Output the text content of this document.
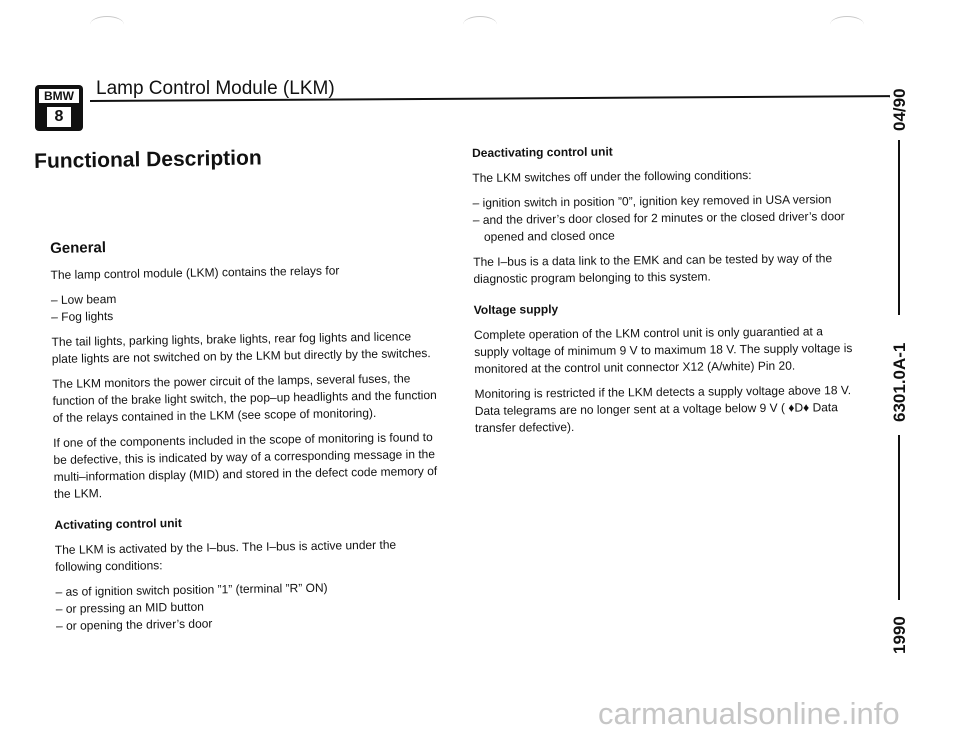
BMW
8
Lamp Control Module (LKM)
Functional Description
General

The lamp control module (LKM) contains the relays for

– Low beam
– Fog lights

The tail lights, parking lights, brake lights, rear fog lights and licence plate lights are not switched on by the LKM but directly by the switches.

The LKM monitors the power circuit of the lamps, several fuses, the function of the brake light switch, the pop–up headlights and the function of the relays contained in the LKM (see scope of monitoring).

If one of the components included in the scope of monitoring is found to be defective, this is indicated by way of a corresponding message in the multi–information display (MID) and stored in the defect code memory of the LKM.

Activating control unit

The LKM is activated by the I–bus. The I–bus is active under the following conditions:

– as of ignition switch position ”1” (terminal ”R” ON)
– or pressing an MID button
– or opening the driver’s door
Deactivating control unit

The LKM switches off under the following conditions:

– ignition switch in position ”0”, ignition key removed in USA version
– and the driver’s door closed for 2 minutes or the closed driver’s door opened and closed once

The I–bus is a data link to the EMK and can be tested by way of the diagnostic program belonging to this system.

Voltage supply

Complete operation of the LKM control unit is only guarantied at a supply voltage of minimum 9 V to maximum 18 V. The supply voltage is monitored at the control unit connector X12 (A/white) Pin 20.

Monitoring is restricted if the LKM detects a supply voltage above 18 V. Data telegrams are no longer sent at a voltage below 9 V ( ♦D♦ Data transfer defective).

04/90
6301.0A-1
1990
carmanualsonline.info
